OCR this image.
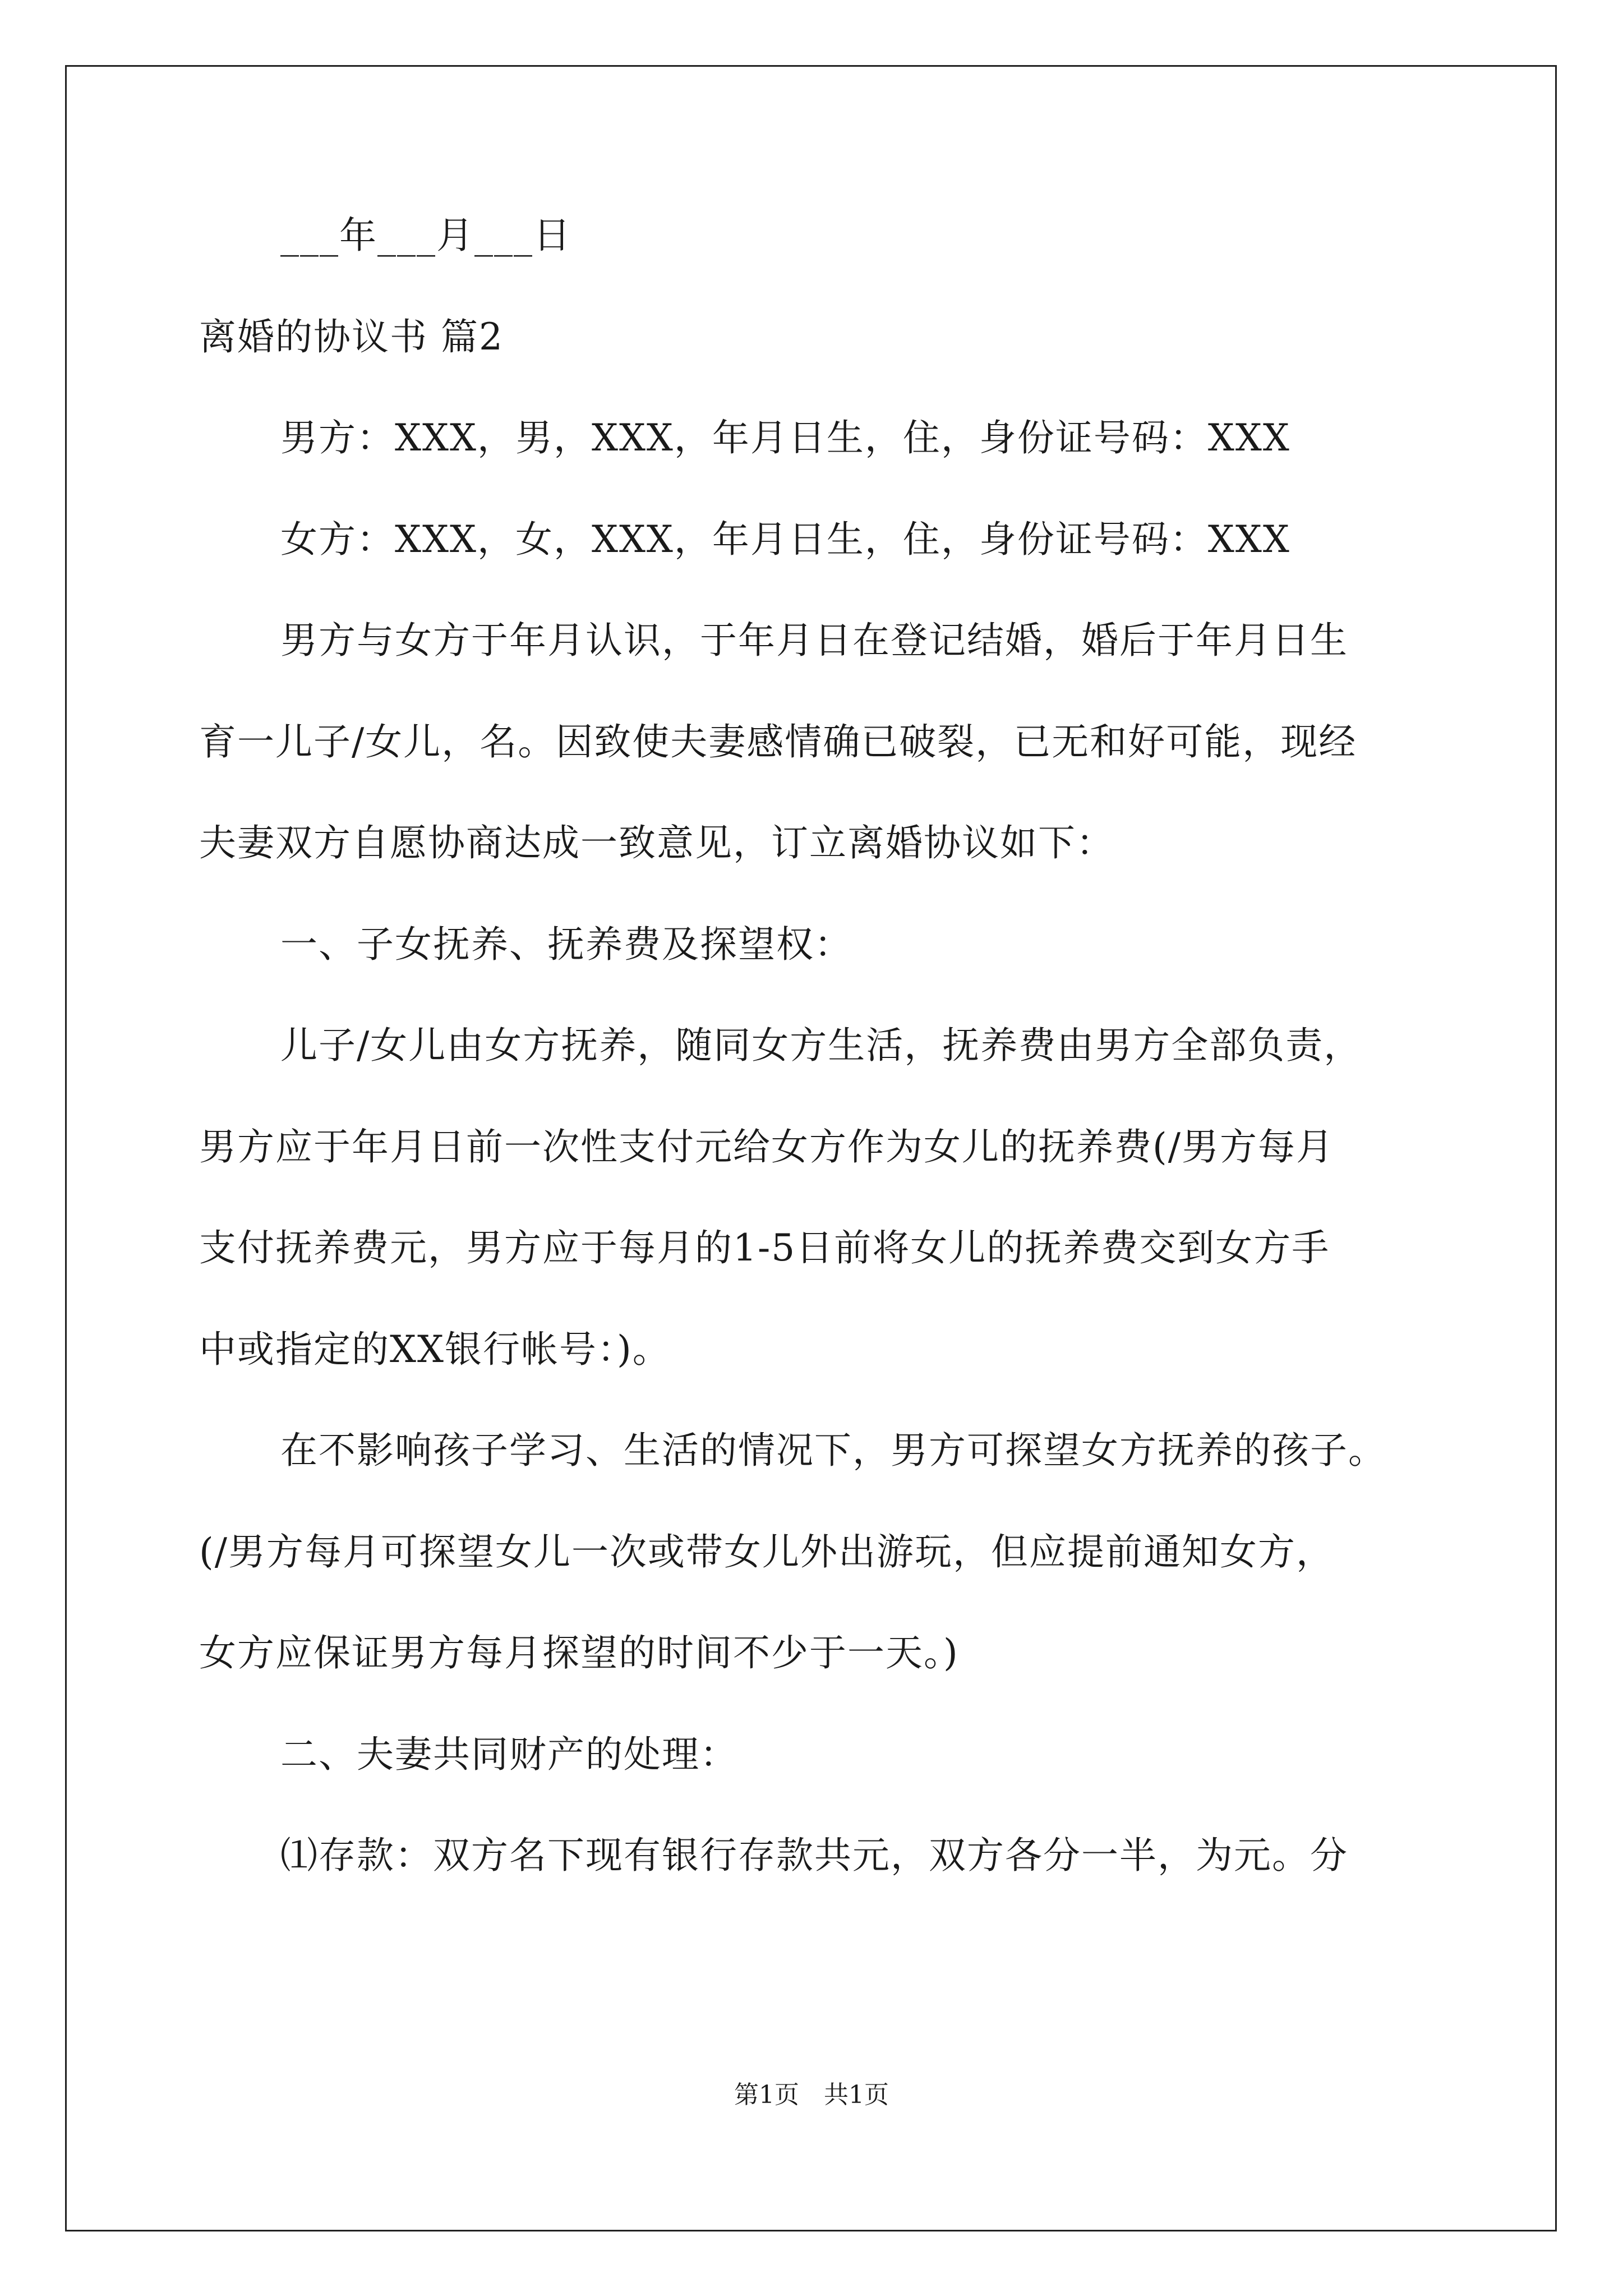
___年___月___日
离婚的协议书 篇2
男方：XXX，男，XXX，年月日生，住，身份证号码：XXX
女方：XXX，女，XXX，年月日生，住，身份证号码：XXX
男方与女方于年月认识，于年月日在登记结婚，婚后于年月日生
育一儿子/女儿，名。因致使夫妻感情确已破裂，已无和好可能，现经
夫妻双方自愿协商达成一致意见，订立离婚协议如下：
一、子女抚养、抚养费及探望权：
儿子/女儿由女方抚养，随同女方生活，抚养费由男方全部负责，
男方应于年月日前一次性支付元给女方作为女儿的抚养费(/男方每月
支付抚养费元，男方应于每月的1-5日前将女儿的抚养费交到女方手
中或指定的XX银行帐号：)。
在不影响孩子学习、生活的情况下，男方可探望女方抚养的孩子。
(/男方每月可探望女儿一次或带女儿外出游玩，但应提前通知女方，
女方应保证男方每月探望的时间不少于一天。)
二、夫妻共同财产的处理：
⑴存款：双方名下现有银行存款共元，双方各分一半，为元。分
第1页　共1页
